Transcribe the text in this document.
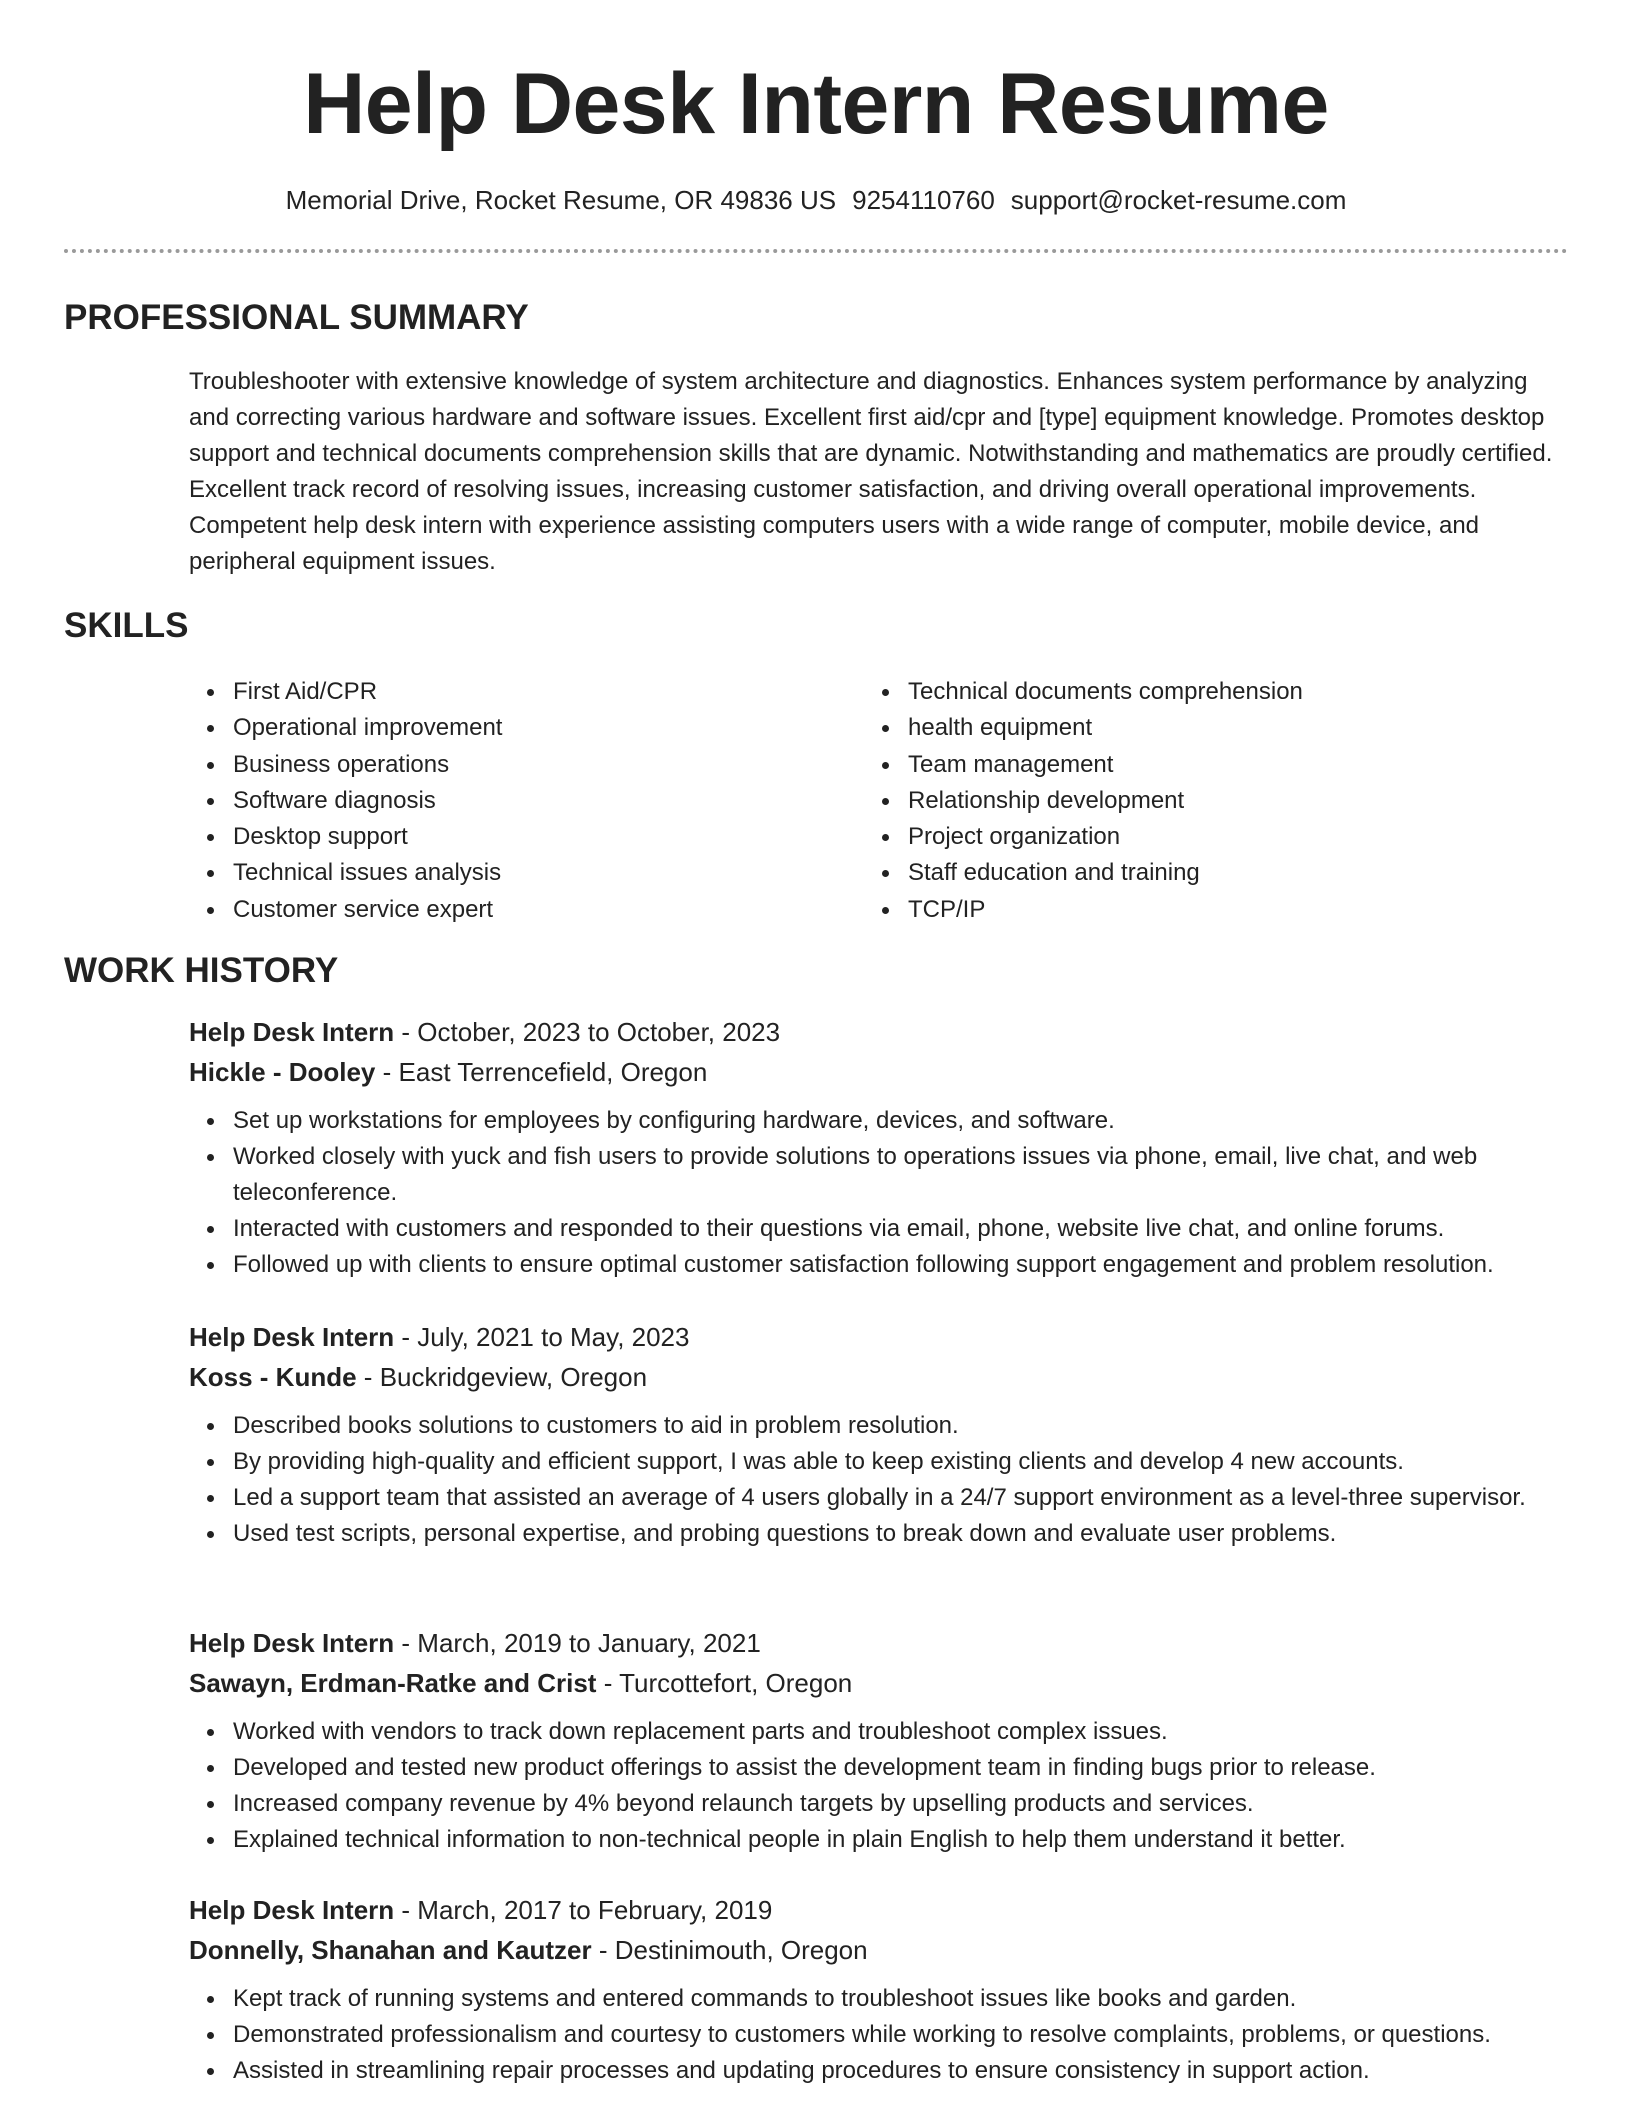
Help Desk Intern Resume
Memorial Drive, Rocket Resume, OR 49836 US 9254110760 support@rocket-resume.com
PROFESSIONAL SUMMARY

Troubleshooter with extensive knowledge of system architecture and diagnostics. Enhances system performance by analyzing and correcting various hardware and software issues. Excellent first aid/cpr and [type] equipment knowledge. Promotes desktop support and technical documents comprehension skills that are dynamic. Notwithstanding and mathematics are proudly certified. Excellent track record of resolving issues, increasing customer satisfaction, and driving overall operational improvements. Competent help desk intern with experience assisting computers users with a wide range of computer, mobile device, and peripheral equipment issues.

SKILLS
First Aid/CPR
Operational improvement
Business operations
Software diagnosis
Desktop support
Technical issues analysis
Customer service expert
Technical documents comprehension
health equipment
Team management
Relationship development
Project organization
Staff education and training
TCP/IP
WORK HISTORY

Help Desk Intern - October, 2023 to October, 2023

Hickle - Dooley - East Terrencefield, Oregon

Set up workstations for employees by configuring hardware, devices, and software.
Worked closely with yuck and fish users to provide solutions to operations issues via phone, email, live chat, and web teleconference.
Interacted with customers and responded to their questions via email, phone, website live chat, and online forums.
Followed up with clients to ensure optimal customer satisfaction following support engagement and problem resolution.

Help Desk Intern - July, 2021 to May, 2023

Koss - Kunde - Buckridgeview, Oregon

Described books solutions to customers to aid in problem resolution.
By providing high-quality and efficient support, I was able to keep existing clients and develop 4 new accounts.
Led a support team that assisted an average of 4 users globally in a 24/7 support environment as a level-three supervisor.
Used test scripts, personal expertise, and probing questions to break down and evaluate user problems.

Help Desk Intern - March, 2019 to January, 2021

Sawayn, Erdman-Ratke and Crist - Turcottefort, Oregon

Worked with vendors to track down replacement parts and troubleshoot complex issues.
Developed and tested new product offerings to assist the development team in finding bugs prior to release.
Increased company revenue by 4% beyond relaunch targets by upselling products and services.
Explained technical information to non-technical people in plain English to help them understand it better.

Help Desk Intern - March, 2017 to February, 2019

Donnelly, Shanahan and Kautzer - Destinimouth, Oregon

Kept track of running systems and entered commands to troubleshoot issues like books and garden.
Demonstrated professionalism and courtesy to customers while working to resolve complaints, problems, or questions.
Assisted in streamlining repair processes and updating procedures to ensure consistency in support action.
